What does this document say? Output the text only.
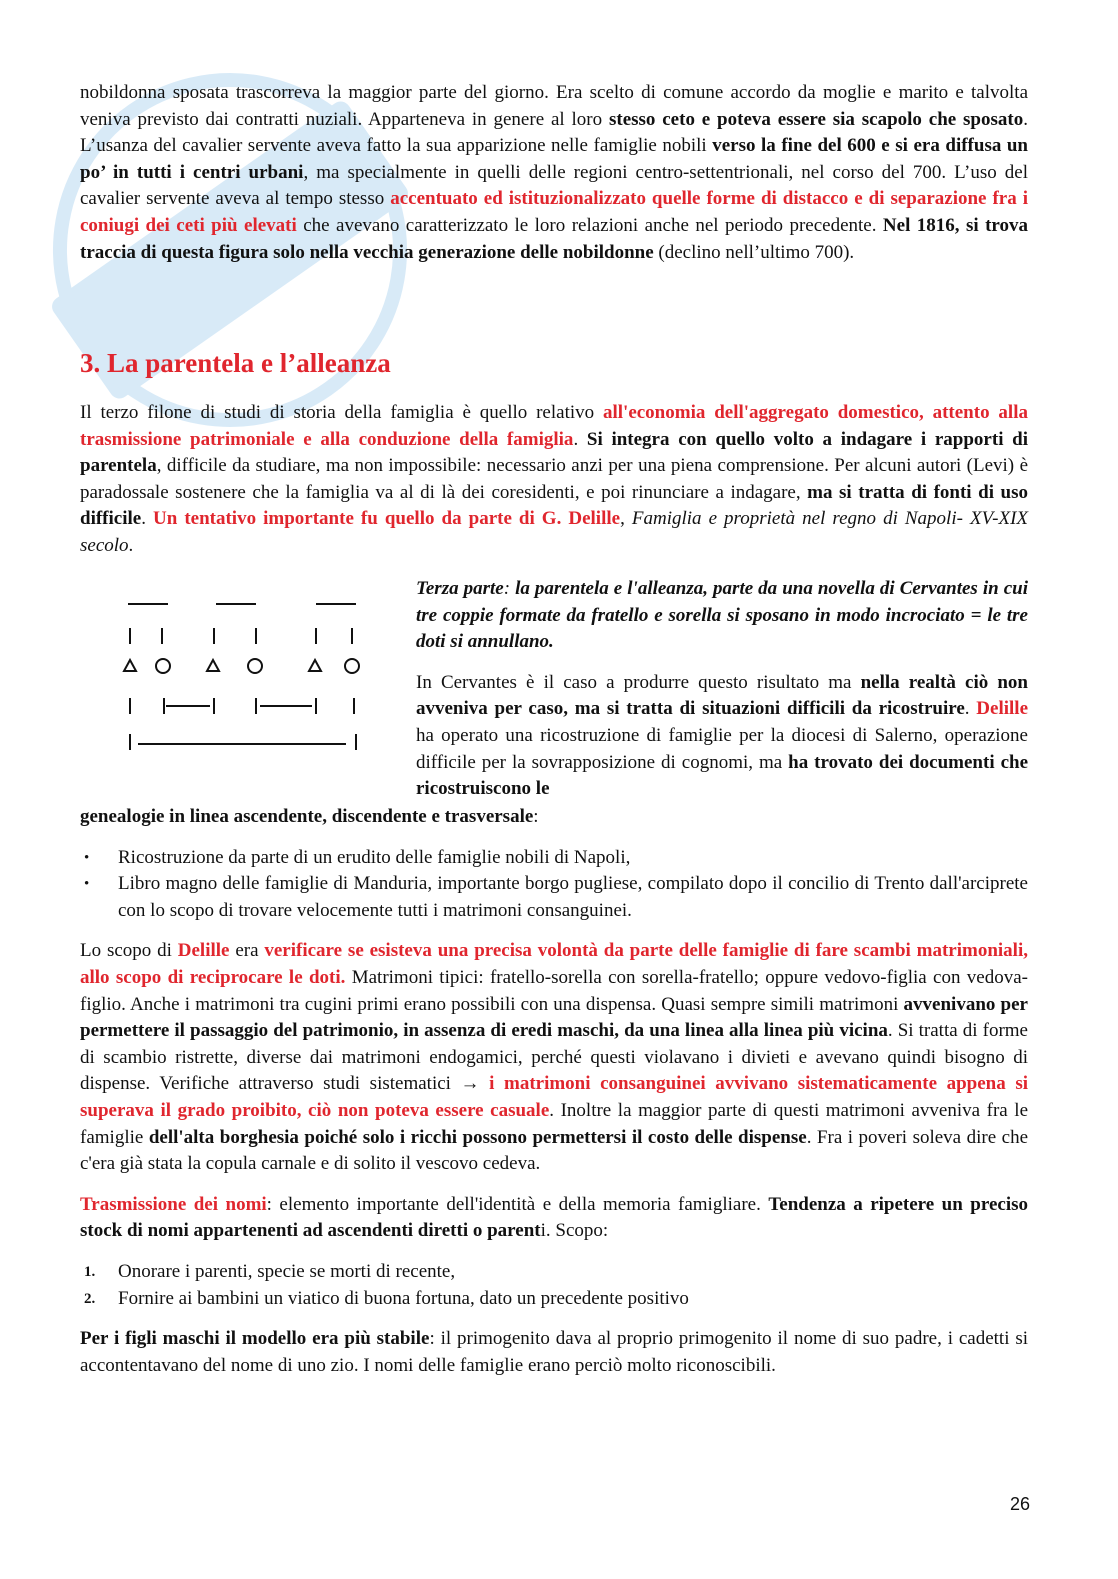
nobildonna sposata trascorreva la maggior parte del giorno. Era scelto di comune accordo da moglie e marito e talvolta veniva previsto dai contratti nuziali. Apparteneva in genere al loro stesso ceto e poteva essere sia scapolo che sposato. L’usanza del cavalier servente aveva fatto la sua apparizione nelle famiglie nobili verso la fine del 600 e si era diffusa un po’ in tutti i centri urbani, ma specialmente in quelli delle regioni centro-settentrionali, nel corso del 700. L’uso del cavalier servente aveva al tempo stesso accentuato ed istituzionalizzato quelle forme di distacco e di separazione fra i coniugi dei ceti più elevati che avevano caratterizzato le loro relazioni anche nel periodo precedente. Nel 1816, si trova traccia di questa figura solo nella vecchia generazione delle nobildonne (declino nell’ultimo 700).

3. La parentela e l’alleanza

Il terzo filone di studi di storia della famiglia è quello relativo all'economia dell'aggregato domestico, attento alla trasmissione patrimoniale e alla conduzione della famiglia. Si integra con quello volto a indagare i rapporti di parentela, difficile da studiare, ma non impossibile: necessario anzi per una piena comprensione. Per alcuni autori (Levi) è paradossale sostenere che la famiglia va al di là dei coresidenti, e poi rinunciare a indagare, ma si tratta di fonti di uso difficile. Un tentativo importante fu quello da parte di G. Delille, Famiglia e proprietà nel regno di Napoli- XV-XIX secolo.

Terza parte: la parentela e l'alleanza, parte da una novella di Cervantes in cui tre coppie formate da fratello e sorella si sposano in modo incrociato = le tre doti si annullano.

In Cervantes è il caso a produrre questo risultato ma nella realtà ciò non avveniva per caso, ma si tratta di situazioni difficili da ricostruire. Delille ha operato una ricostruzione di famiglie per la diocesi di Salerno, operazione difficile per la sovrapposizione di cognomi, ma ha trovato dei documenti che ricostruiscono le

genealogie in linea ascendente, discendente e trasversale:

• Ricostruzione da parte di un erudito delle famiglie nobili di Napoli,
• Libro magno delle famiglie di Manduria, importante borgo pugliese, compilato dopo il concilio di Trento dall'arciprete con lo scopo di trovare velocemente tutti i matrimoni consanguinei.

Lo scopo di Delille era verificare se esisteva una precisa volontà da parte delle famiglie di fare scambi matrimoniali, allo scopo di reciprocare le doti. Matrimoni tipici: fratello-sorella con sorella-fratello; oppure vedovo-figlia con vedova-figlio. Anche i matrimoni tra cugini primi erano possibili con una dispensa. Quasi sempre simili matrimoni avvenivano per permettere il passaggio del patrimonio, in assenza di eredi maschi, da una linea alla linea più vicina. Si tratta di forme di scambio ristrette, diverse dai matrimoni endogamici, perché questi violavano i divieti e avevano quindi bisogno di dispense. Verifiche attraverso studi sistematici → i matrimoni consanguinei avvivano sistematicamente appena si superava il grado proibito, ciò non poteva essere casuale. Inoltre la maggior parte di questi matrimoni avveniva fra le famiglie dell'alta borghesia poiché solo i ricchi possono permettersi il costo delle dispense. Fra i poveri soleva dire che c'era già stata la copula carnale e di solito il vescovo cedeva.

Trasmissione dei nomi: elemento importante dell'identità e della memoria famigliare. Tendenza a ripetere un preciso stock di nomi appartenenti ad ascendenti diretti o parenti. Scopo:

1. Onorare i parenti, specie se morti di recente,
2. Fornire ai bambini un viatico di buona fortuna, dato un precedente positivo

Per i figli maschi il modello era più stabile: il primogenito dava al proprio primogenito il nome di suo padre, i cadetti si accontentavano del nome di uno zio. I nomi delle famiglie erano perciò molto riconoscibili.

26
